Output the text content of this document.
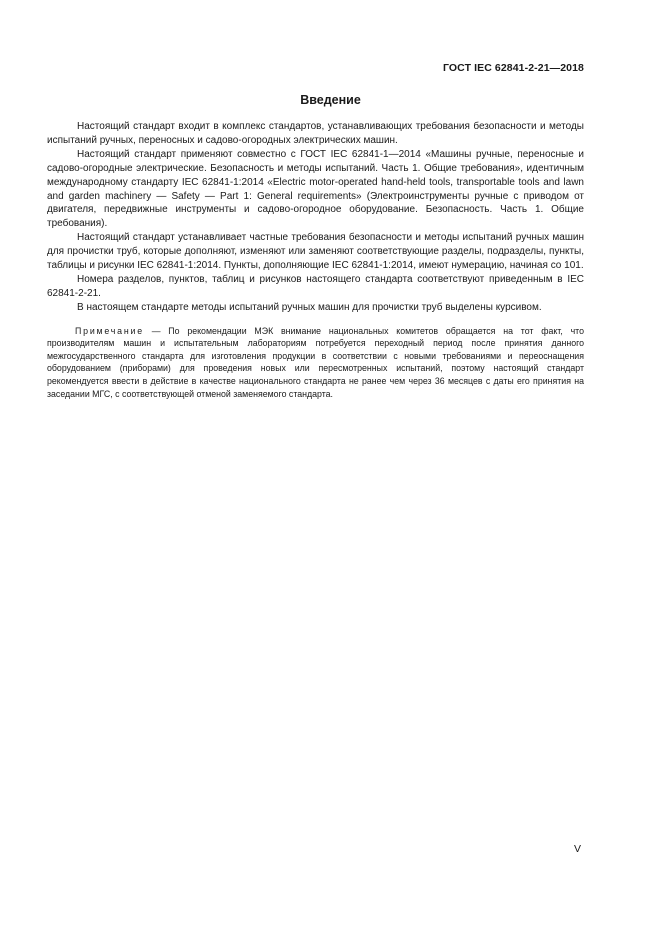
ГОСТ IEC 62841-2-21—2018
Введение

Настоящий стандарт входит в комплекс стандартов, устанавливающих требования безопасности и методы испытаний ручных, переносных и садово-огородных электрических машин.

Настоящий стандарт применяют совместно с ГОСТ IEC 62841-1—2014 «Машины ручные, переносные и садово-огородные электрические. Безопасность и методы испытаний. Часть 1. Общие требования», идентичным международному стандарту IEC 62841-1:2014 «Electric motor-operated hand-held tools, transportable tools and lawn and garden machinery — Safety — Part 1: General requirements» (Электроинструменты ручные с приводом от двигателя, передвижные инструменты и садово-огородное оборудование. Безопасность. Часть 1. Общие требования).

Настоящий стандарт устанавливает частные требования безопасности и методы испытаний ручных машин для прочистки труб, которые дополняют, изменяют или заменяют соответствующие разделы, подразделы, пункты, таблицы и рисунки IEC 62841-1:2014. Пункты, дополняющие IEC 62841-1:2014, имеют нумерацию, начиная со 101.

Номера разделов, пунктов, таблиц и рисунков настоящего стандарта соответствуют приведенным в IEC 62841-2-21.

В настоящем стандарте методы испытаний ручных машин для прочистки труб выделены курсивом.

Примечание — По рекомендации МЭК внимание национальных комитетов обращается на тот факт, что производителям машин и испытательным лабораториям потребуется переходный период после принятия данного межгосударственного стандарта для изготовления продукции в соответствии с новыми требованиями и переоснащения оборудованием (приборами) для проведения новых или пересмотренных испытаний, поэтому настоящий стандарт рекомендуется ввести в действие в качестве национального стандарта не ранее чем через 36 месяцев с даты его принятия на заседании МГС, с соответствующей отменой заменяемого стандарта.
V
